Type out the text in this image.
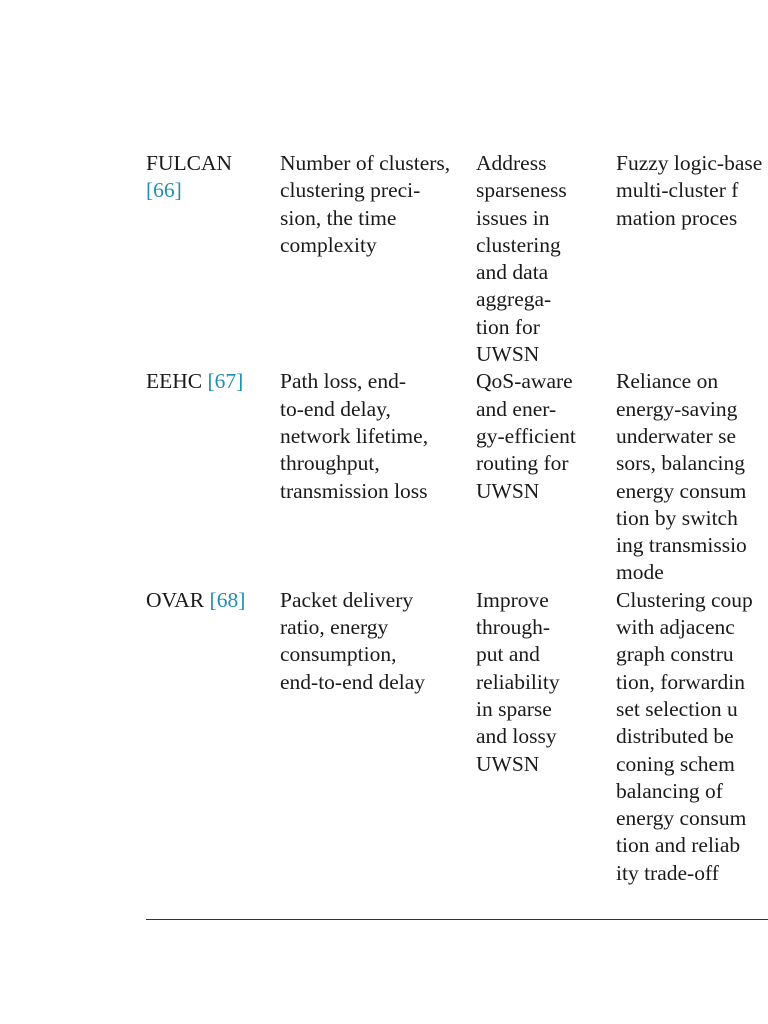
FULCAN
[66]
Number of clusters,
clustering preci-
sion, the time
complexity
Address
sparseness
issues in
clustering
and data
aggrega-
tion for
UWSN
Fuzzy logic-base
multi-cluster f
mation proces
EEHC [67]	Path loss, end-
to-end delay,
network lifetime,
throughput,
transmission loss
QoS-aware
and ener-
gy-efficient
routing for
UWSN
Reliance on
energy-saving
underwater se
sors, balancing
energy consum
tion by switch
ing transmissio
mode
OVAR [68]	Packet delivery
ratio, energy
consumption,
end-to-end delay
Improve
through-
put and
reliability
in sparse
and lossy
UWSN
Clustering coup
with adjacenc
graph constru
tion, forwardin
set selection u
distributed be
coning schem
balancing of
energy consum
tion and reliab
ity trade-off
